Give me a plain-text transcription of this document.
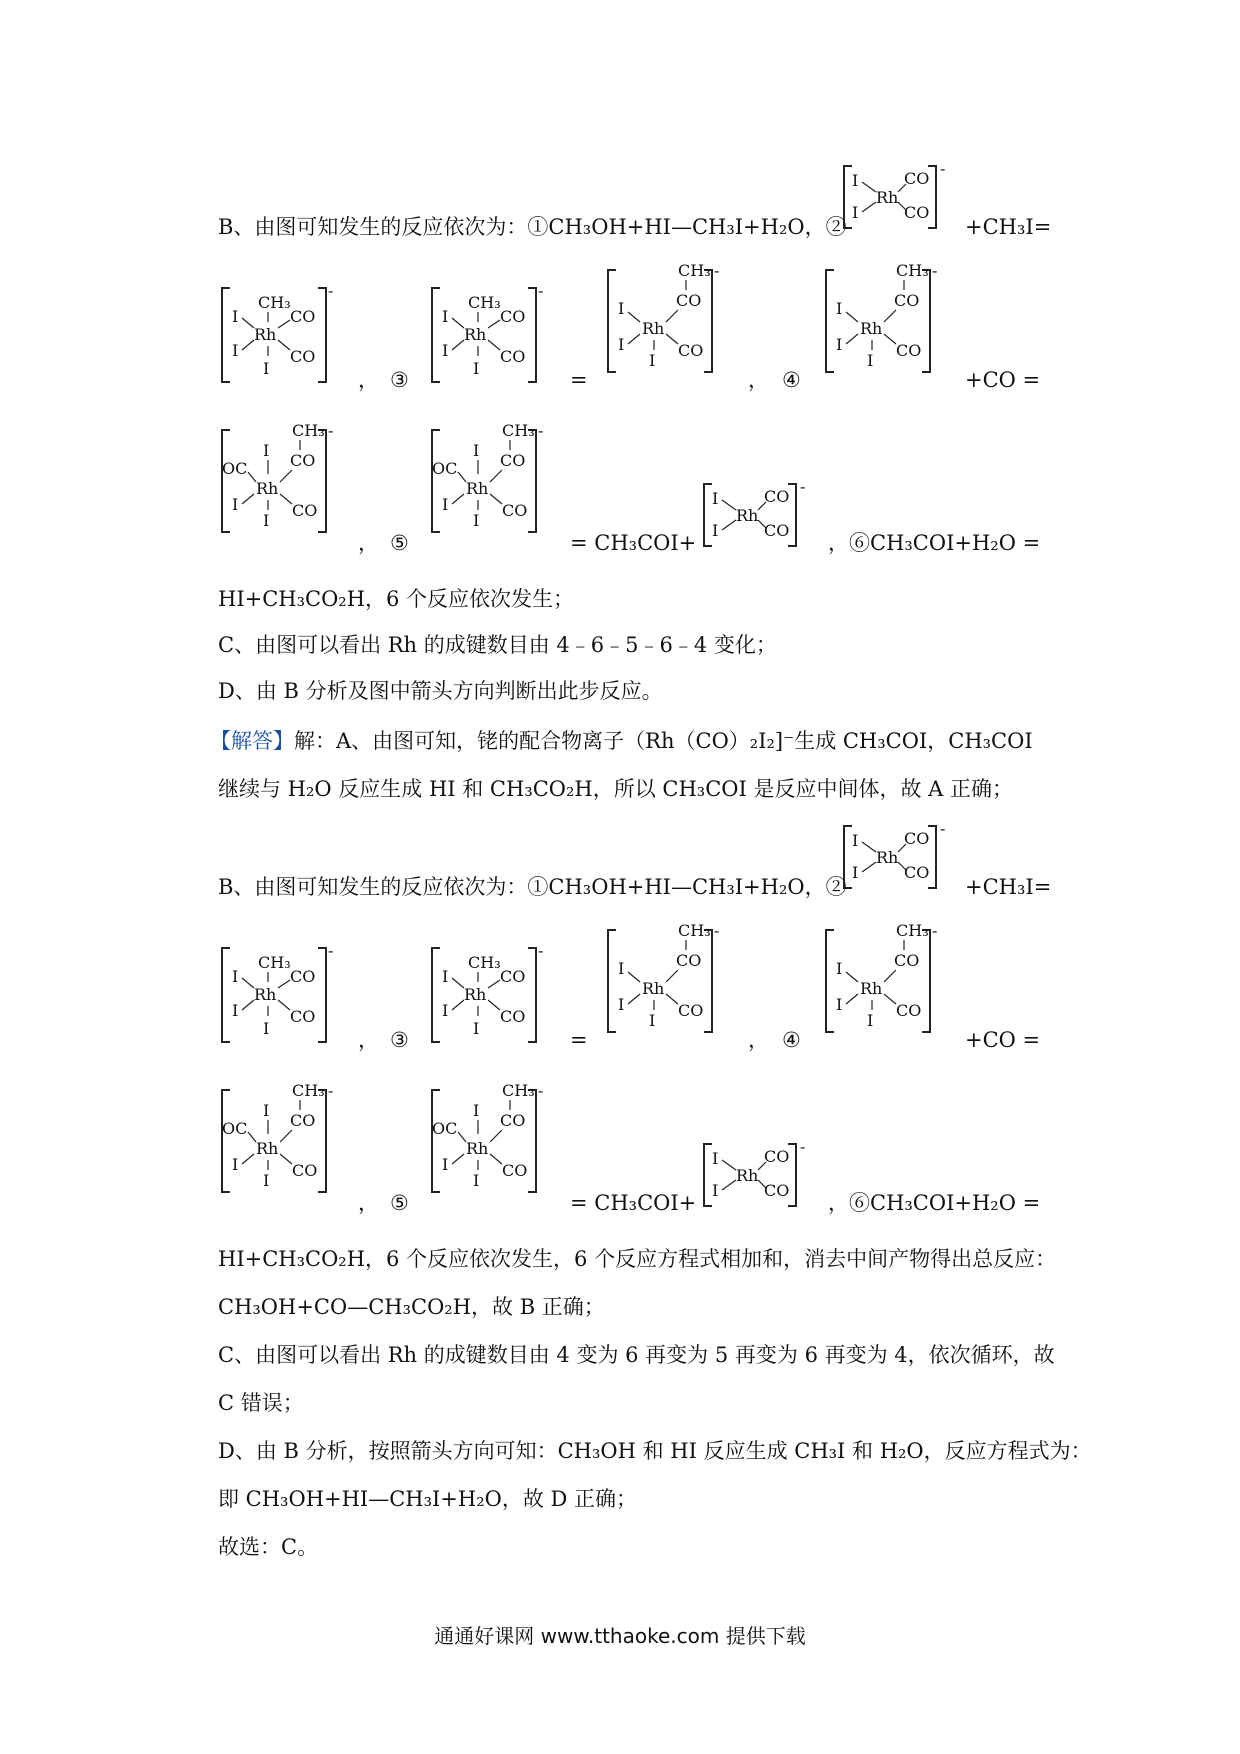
-
I
I
Rh
CO
CO
B、由图可知发生的反应依次为：①CH₃OH+HI—CH₃I+H₂O，②	+CH₃I=
-
CH₃
I
I
Rh
CO
CO
I	， ③
-
CH₃
I
I
Rh
CO
CO
I	=
-
CH₃
CO
I
I
Rh
CO
I
， ④
-
CH₃
CO
I
I
Rh
CO
I
+CO =
-
CH₃
CO
I
OC
I
Rh
CO
I
， ⑤
-
CH₃
CO
I
OC
I
Rh
CO
I
= CH₃COI+
-
I
I
Rh
CO
CO
，⑥CH₃COI+H₂O =
HI+CH₃CO₂H，6 个反应依次发生；
C、由图可以看出 Rh 的成键数目由 4﹣6﹣5﹣6﹣4 变化；
D、由 B 分析及图中箭头方向判断出此步反应。
【解答】解：A、由图可知，铑的配合物离子（Rh（CO）₂I₂]⁻生成 CH₃COI，CH₃COI
继续与 H₂O 反应生成 HI 和 CH₃CO₂H，所以 CH₃COI 是反应中间体，故 A 正确；
-
I
I
Rh
CO
CO
B、由图可知发生的反应依次为：①CH₃OH+HI—CH₃I+H₂O，②	+CH₃I=
-
CH₃
I
I
Rh
CO
CO
I	， ③
-
CH₃
I
I
Rh
CO
CO
I	=
-
CH₃
CO
I
I
Rh
CO
I
， ④
-
CH₃
CO
I
I
Rh
CO
I
+CO =
-
CH₃
CO
I
OC
I
Rh
CO
I
， ⑤
-
CH₃
CO
I
OC
I
Rh
CO
I
= CH₃COI+
-
I
I
Rh
CO
CO
，⑥CH₃COI+H₂O =
HI+CH₃CO₂H，6 个反应依次发生，6 个反应方程式相加和，消去中间产物得出总反应：
CH₃OH+CO—CH₃CO₂H，故 B 正确；
C、由图可以看出 Rh 的成键数目由 4 变为 6 再变为 5 再变为 6 再变为 4，依次循环，故
C 错误；
D、由 B 分析，按照箭头方向可知：CH₃OH 和 HI 反应生成 CH₃I 和 H₂O，反应方程式为：
即 CH₃OH+HI—CH₃I+H₂O，故 D 正确；
故选：C。
通通好课网 www.tthaoke.com 提供下载
